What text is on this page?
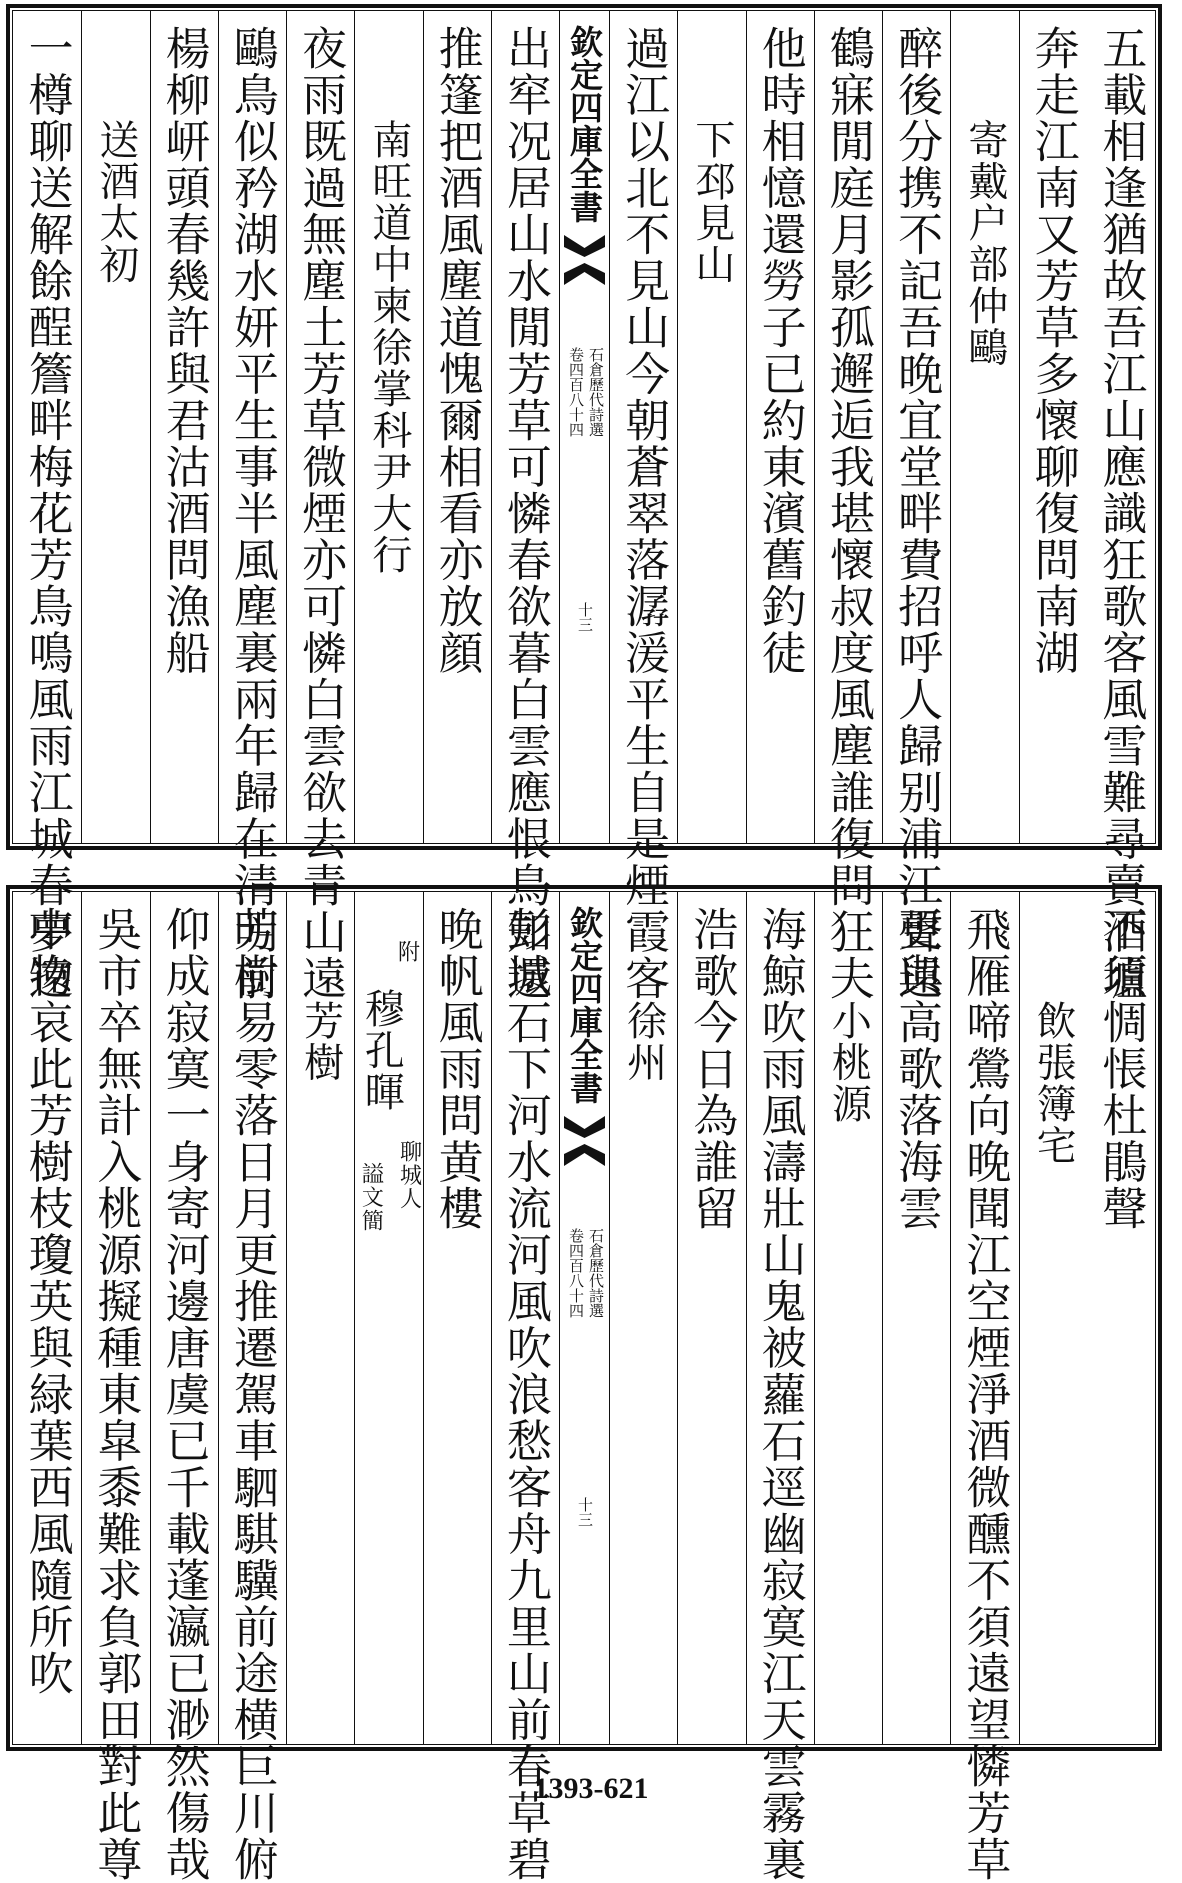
五載相逢猶故吾江山應識狂歌客風雪難尋賣酒壚
奔走江南又芳草多懷聊復問南湖
寄戴户部仲鷗
醉後分携不記吾晚宜堂畔費招呼人歸别浦江聲遠
鶴寐閒庭月影孤邂逅我堪懷叔度風塵誰復問狂夫
他時相憶還勞子已約東濱舊釣徒
下邳見山
過江以北不見山今朝蒼翠落潺湲平生自是煙霞客
欽定四庫全書
石倉歷代詩選
卷四百八十四
十三
出窂况居山水閒芳草可憐春欲暮白雲應恨鳥知還
推篷把酒風塵道愧爾相看亦放顔
南旺道中柬徐掌科尹大行
夜雨既過無塵土芳草微煙亦可憐白雲欲去青山遠
鷗鳥似矜湖水妍平生事半風塵裏兩年歸在清明前
楊柳岍頭春幾許與君沽酒問漁船
送酒太初
一樽聊送解餘酲簷畔梅花芳鳥鳴風雨江城春夢遠
不須惆悵杜鵑聲
飲張簿宅
飛雁啼鶯向晚聞江空煙淨酒微醺不須遠望憐芳草
更與高歌落海雲
小桃源
海鯨吹雨風濤壯山鬼被蘿石逕幽寂寞江天雲霧裏
浩歌今日為誰留
徐州
欽定四庫全書
石倉歷代詩選
卷四百八十四
十三
彭城石下河水流河風吹浪愁客舟九里山前春草碧
晚帆風雨問黄樓
附
穆孔暉
聊城人
謚文簡
芳樹
芳樹易零落日月更推遷駕車駟騏驥前途横巨川俯
仰成寂寞一身寄河邊唐虞已千載蓬瀛已渺然傷哉
吳市卒無計入桃源擬種東皐黍難求負郭田對此尊
中物哀此芳樹枝瓊英與緑葉西風隨所吹
1393-621
